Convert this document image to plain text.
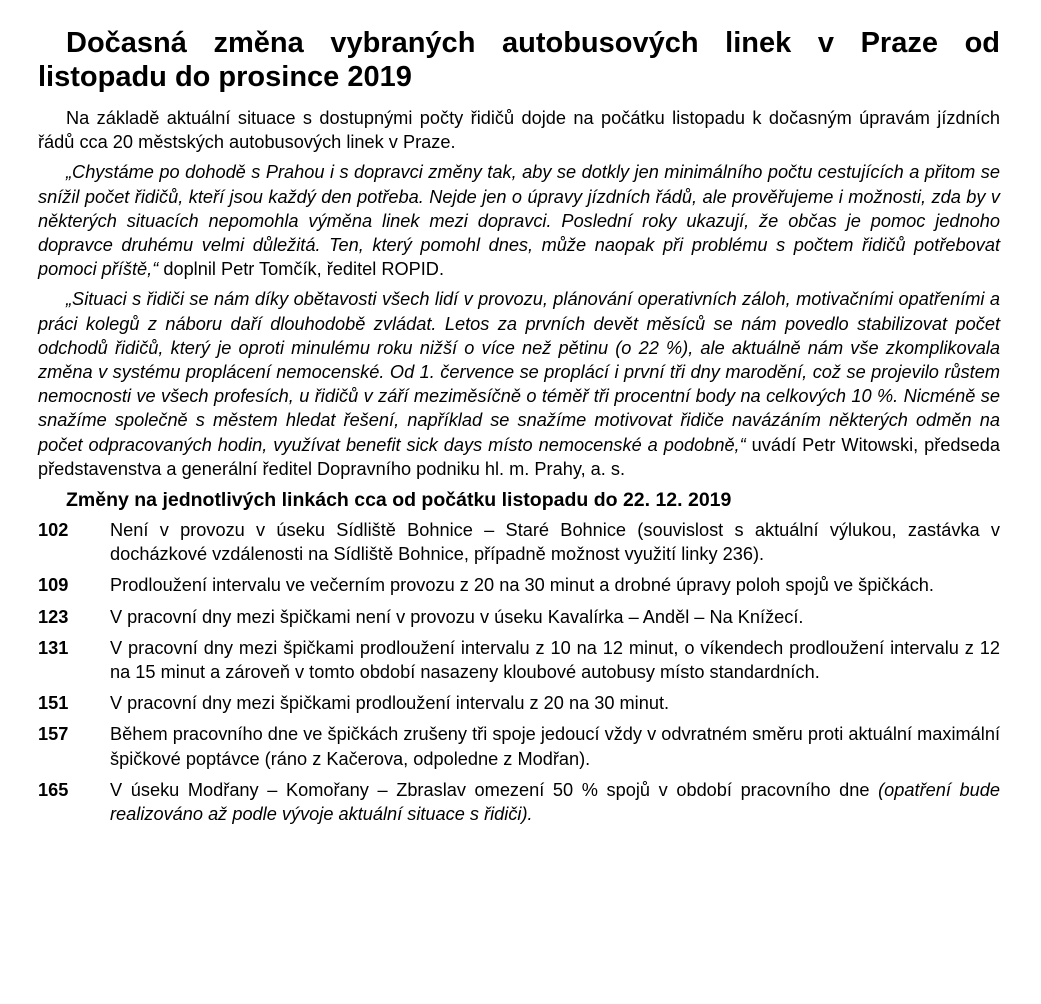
Dočasná změna vybraných autobusových linek v Praze od listopadu do prosince 2019

Na základě aktuální situace s dostupnými počty řidičů dojde na počátku listopadu k dočasným úpravám jízdních řádů cca 20 městských autobusových linek v Praze.

„Chystáme po dohodě s Prahou i s dopravci změny tak, aby se dotkly jen minimálního počtu cestujících a přitom se snížil počet řidičů, kteří jsou každý den potřeba. Nejde jen o úpravy jízdních řádů, ale prověřujeme i možnosti, zda by v některých situacích nepomohla výměna linek mezi dopravci. Poslední roky ukazují, že občas je pomoc jednoho dopravce druhému velmi důležitá. Ten, který pomohl dnes, může naopak při problému s počtem řidičů potřebovat pomoci příště,“ doplnil Petr Tomčík, ředitel ROPID.

„Situaci s řidiči se nám díky obětavosti všech lidí v provozu, plánování operativních záloh, motivačními opatřeními a práci kolegů z náboru daří dlouhodobě zvládat. Letos za prvních devět měsíců se nám povedlo stabilizovat počet odchodů řidičů, který je oproti minulému roku nižší o více než pětinu (o 22 %), ale aktuálně nám vše zkomplikovala změna v systému proplácení nemocenské. Od 1. července se proplácí i první tři dny marodění, což se projevilo růstem nemocnosti ve všech profesích, u řidičů v září meziměsíčně o téměř tři procentní body na celkových 10 %. Nicméně se snažíme společně s městem hledat řešení, například se snažíme motivovat řidiče navázáním některých odměn na počet odpracovaných hodin, využívat benefit sick days místo nemocenské a podobně,“ uvádí Petr Witowski, předseda představenstva a generální ředitel Dopravního podniku hl. m. Prahy, a. s.

Změny na jednotlivých linkách cca od počátku listopadu do 22. 12. 2019
102	Není v provozu v úseku Sídliště Bohnice – Staré Bohnice (souvislost s aktuální výlukou, zastávka v docházkové vzdálenosti na Sídliště Bohnice, případně možnost využití linky 236).
109	Prodloužení intervalu ve večerním provozu z 20 na 30 minut a drobné úpravy poloh spojů ve špičkách.
123	V pracovní dny mezi špičkami není v provozu v úseku Kavalírka – Anděl – Na Knížecí.
131	V pracovní dny mezi špičkami prodloužení intervalu z 10 na 12 minut, o víkendech prodloužení intervalu z 12 na 15 minut a zároveň v tomto období nasazeny kloubové autobusy místo standardních.
151	V pracovní dny mezi špičkami prodloužení intervalu z 20 na 30 minut.
157	Během pracovního dne ve špičkách zrušeny tři spoje jedoucí vždy v odvratném směru proti aktuální maximální špičkové poptávce (ráno z Kačerova, odpoledne z Modřan).
165	V úseku Modřany – Komořany – Zbraslav omezení 50 % spojů v období pracovního dne (opatření bude realizováno až podle vývoje aktuální situace s řidiči).
